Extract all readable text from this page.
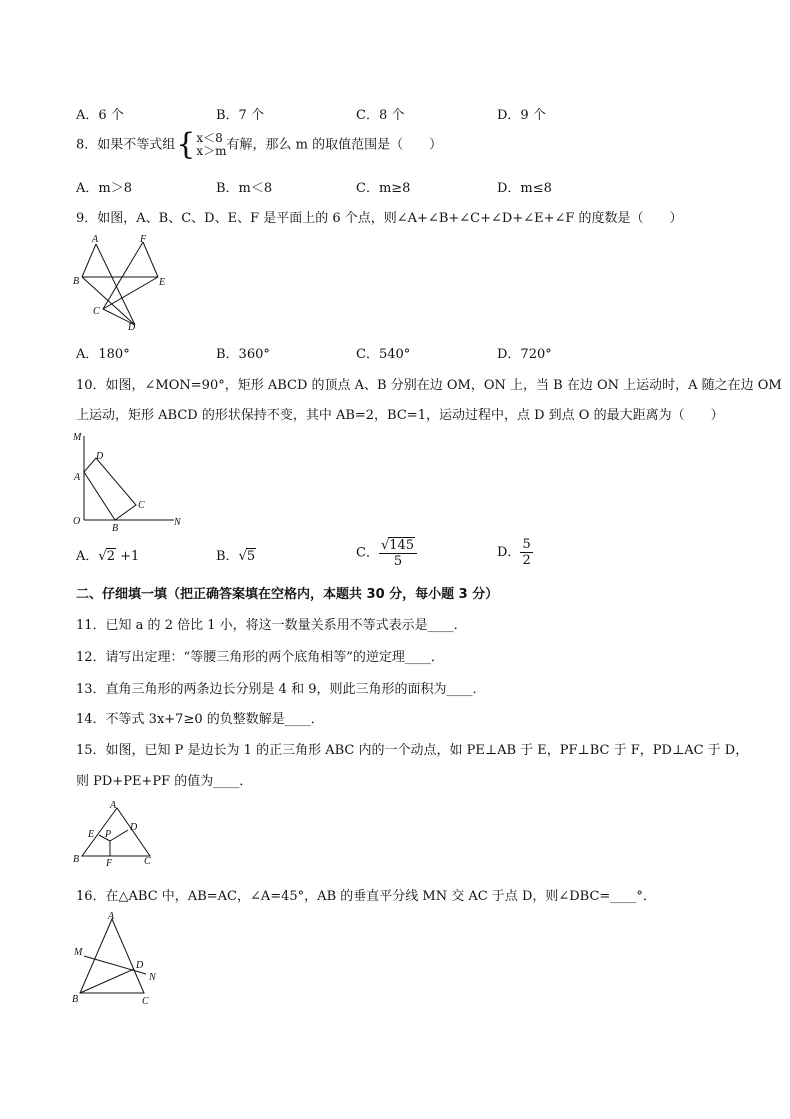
A．6 个	B．7 个	C．8 个	D．9 个
8．如果不等式组{ x＜8
x＞m 有解，那么 m 的取值范围是（　　）
A．m＞8	B．m＜8	C．m≥8	D．m≤8
9．如图，A、B、C、D、E、F 是平面上的 6 个点，则∠A+∠B+∠C+∠D+∠E+∠F 的度数是（　　）
A
B
C
D
E
F
A．180°	B．360°	C．540°	D．720°
10．如图，∠MON=90°，矩形 ABCD 的顶点 A、B 分别在边 OM，ON 上，当 B 在边 ON 上运动时，A 随之在边 OM
上运动，矩形 ABCD 的形状保持不变，其中 AB=2，BC=1，运动过程中，点 D 到点 O 的最大距离为（　　）
M
D
A
C
O
B
N
A．√2 +1	B．√5	C． $\frac{√145}{5}$	D． $\frac{5}{2}$
二、仔细填一填（把正确答案填在空格内，本题共 30 分，每小题 3 分）
11．已知 a 的 2 倍比 1 小，将这一数量关系用不等式表示是____．
12．请写出定理：“等腰三角形的两个底角相等”的逆定理____．
13．直角三角形的两条边长分别是 4 和 9，则此三角形的面积为____．
14．不等式 3x+7≥0 的负整数解是____．
15．如图，已知 P 是边长为 1 的正三角形 ABC 内的一个动点，如 PE⊥AB 于 E，PF⊥BC 于 F，PD⊥AC 于 D，
则 PD+PE+PF 的值为____．
A
E P
D
B	F	C
16．在△ABC 中，AB=AC，∠A=45°，AB 的垂直平分线 MN 交 AC 于点 D，则∠DBC=____°．
A
M
D
N
B	C
